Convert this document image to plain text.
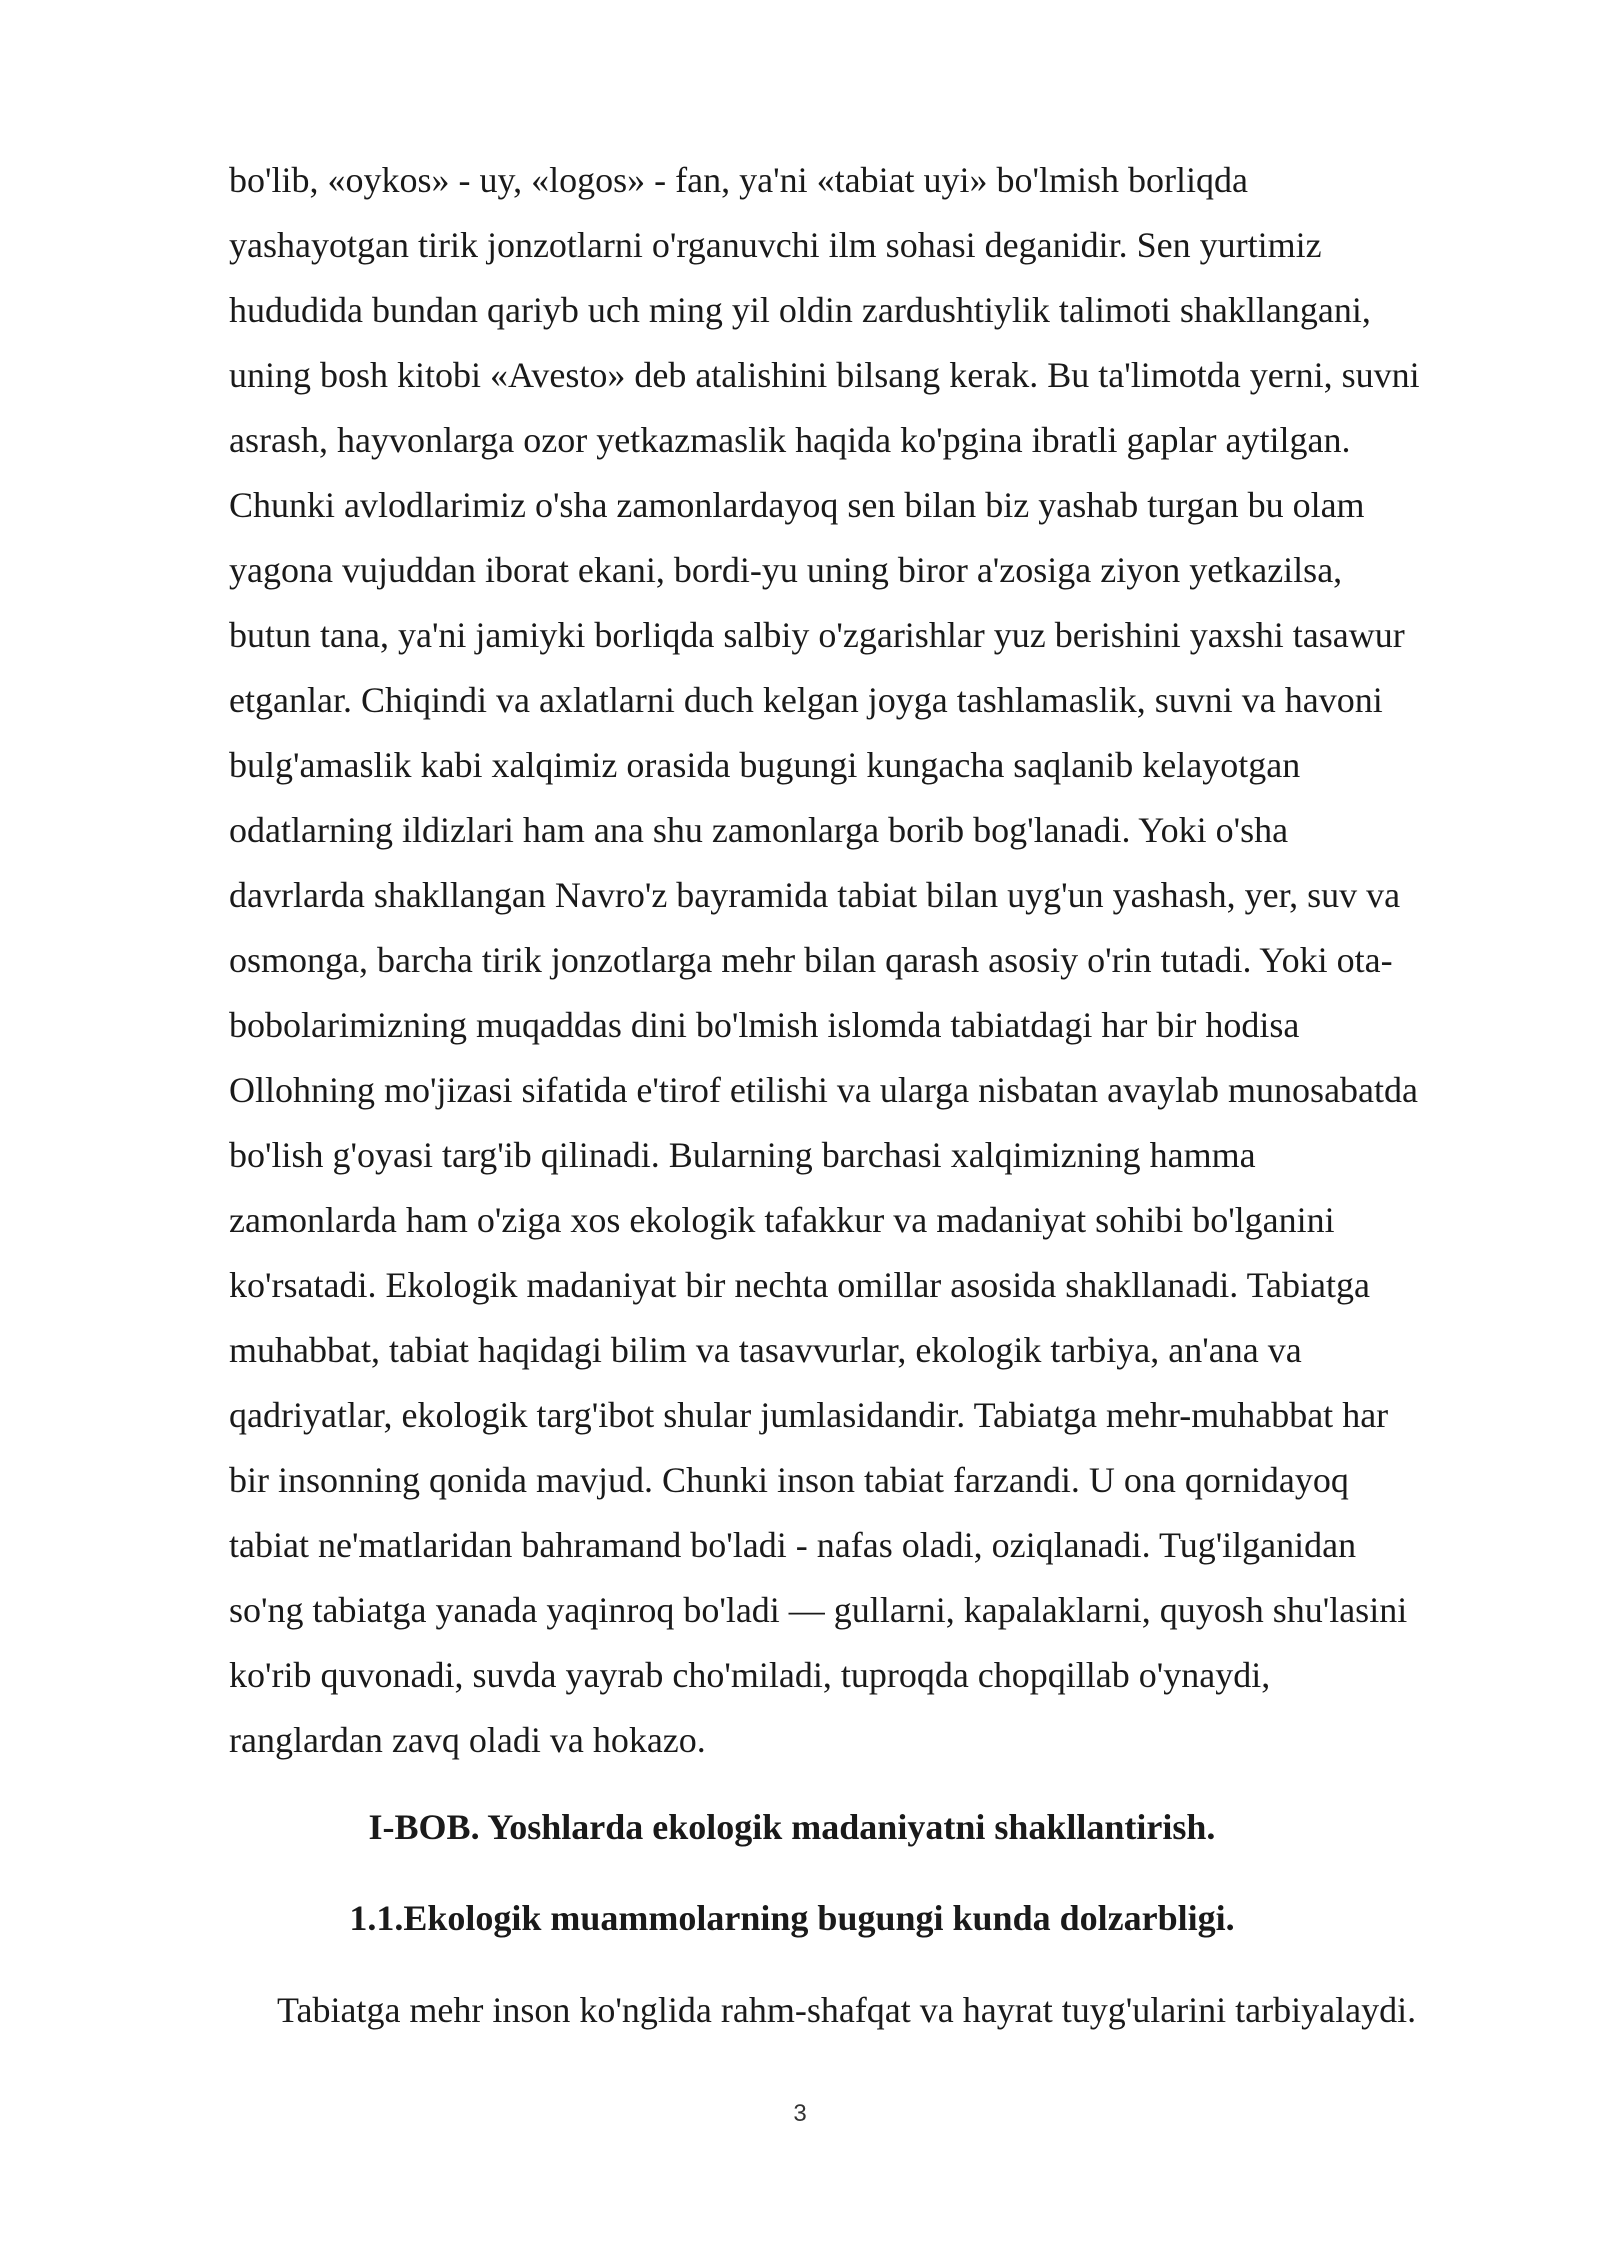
bo'lib, «oykos» - uy, «logos» - fan, ya'ni «tabiat uyi» bo'lmish borliqda
yashayotgan tirik jonzotlarni o'rganuvchi ilm sohasi deganidir. Sen yurtimiz
hududida bundan qariyb uch ming yil oldin zardushtiylik talimoti shakllangani,
uning bosh kitobi «Avesto» deb atalishini bilsang kerak. Bu ta'limotda yerni, suvni
asrash, hayvonlarga ozor yetkazmaslik haqida ko'pgina ibratli gaplar aytilgan.
Chunki avlodlarimiz o'sha zamonlardayoq sen bilan biz yashab turgan bu olam
yagona vujuddan iborat ekani, bordi-yu uning biror a'zosiga ziyon yetkazilsa,
butun tana, ya'ni jamiyki borliqda salbiy o'zgarishlar yuz berishini yaxshi tasawur
etganlar. Chiqindi va axlatlarni duch kelgan joyga tashlamaslik, suvni va havoni
bulg'amaslik kabi xalqimiz orasida bugungi kungacha saqlanib kelayotgan
odatlarning ildizlari ham ana shu zamonlarga borib bog'lanadi. Yoki o'sha
davrlarda shakllangan Navro'z bayramida tabiat bilan uyg'un yashash, yer, suv va
osmonga, barcha tirik jonzotlarga mehr bilan qarash asosiy o'rin tutadi. Yoki ota-
bobolarimizning muqaddas dini bo'lmish islomda tabiatdagi har bir hodisa
Ollohning mo'jizasi sifatida e'tirof etilishi va ularga nisbatan avaylab munosabatda
bo'lish g'oyasi targ'ib qilinadi. Bularning barchasi xalqimizning hamma
zamonlarda ham o'ziga xos ekologik tafakkur va madaniyat sohibi bo'lganini
ko'rsatadi. Ekologik madaniyat bir nechta omillar asosida shakllanadi. Tabiatga
muhabbat, tabiat haqidagi bilim va tasavvurlar, ekologik tarbiya, an'ana va
qadriyatlar, ekologik targ'ibot shular jumlasidandir. Tabiatga mehr-muhabbat har
bir insonning qonida mavjud. Chunki inson tabiat farzandi. U ona qornidayoq
tabiat ne'matlaridan bahramand bo'ladi - nafas oladi, oziqlanadi. Tug'ilganidan
so'ng tabiatga yanada yaqinroq bo'ladi — gullarni, kapalaklarni, quyosh shu'lasini
ko'rib quvonadi, suvda yayrab cho'miladi, tuproqda chopqillab o'ynaydi,
ranglardan zavq oladi va hokazo.
I-BOB. Yoshlarda ekologik madaniyatni shakllantirish.
1.1.Ekologik muammolarning bugungi kunda dolzarbligi.
Tabiatga mehr inson ko'nglida rahm-shafqat va hayrat tuyg'ularini tarbiyalaydi.
3
